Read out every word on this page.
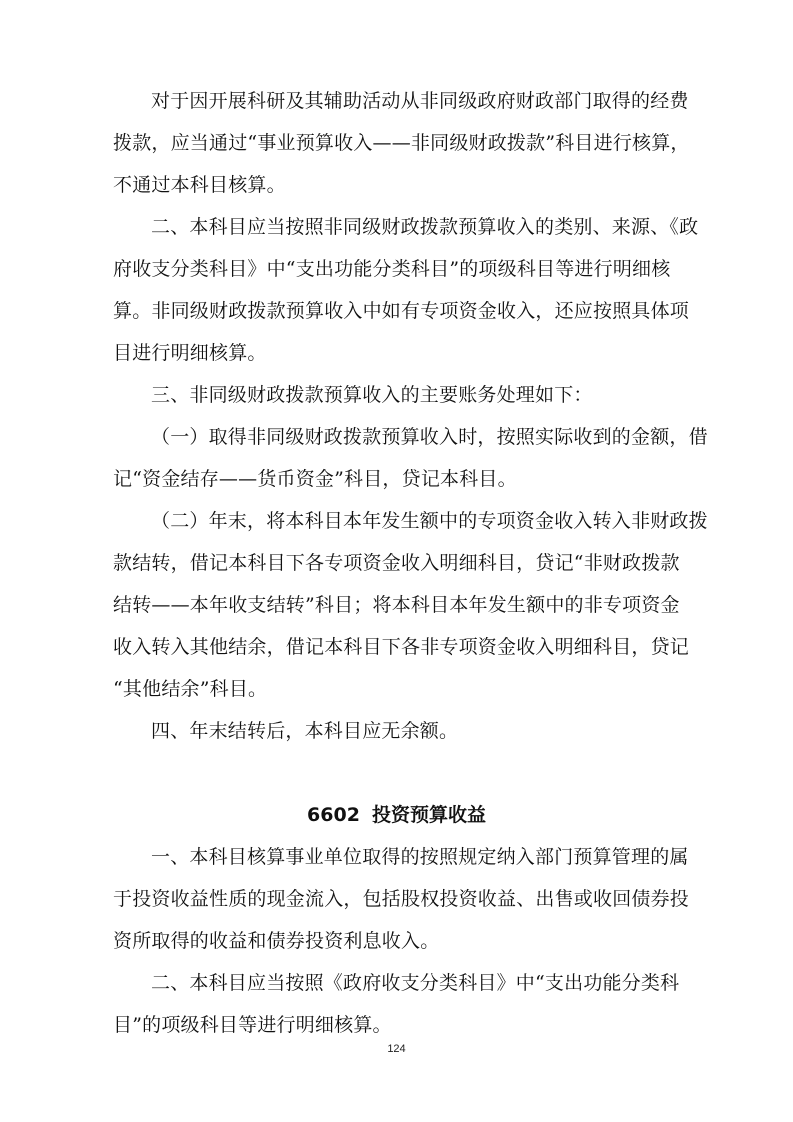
对于因开展科研及其辅助活动从非同级政府财政部门取得的经费
拨款，应当通过“事业预算收入——非同级财政拨款”科目进行核算，
不通过本科目核算。
二、本科目应当按照非同级财政拨款预算收入的类别、来源、《政
府收支分类科目》中“支出功能分类科目”的项级科目等进行明细核
算。非同级财政拨款预算收入中如有专项资金收入，还应按照具体项
目进行明细核算。
三、非同级财政拨款预算收入的主要账务处理如下：
（一）取得非同级财政拨款预算收入时，按照实际收到的金额，借
记“资金结存——货币资金”科目，贷记本科目。
（二）年末，将本科目本年发生额中的专项资金收入转入非财政拨
款结转，借记本科目下各专项资金收入明细科目，贷记“非财政拨款
结转——本年收支结转”科目；将本科目本年发生额中的非专项资金
收入转入其他结余，借记本科目下各非专项资金收入明细科目，贷记
“其他结余”科目。
四、年末结转后，本科目应无余额。
6602 投资预算收益
一、本科目核算事业单位取得的按照规定纳入部门预算管理的属
于投资收益性质的现金流入，包括股权投资收益、出售或收回债券投
资所取得的收益和债券投资利息收入。
二、本科目应当按照《政府收支分类科目》中“支出功能分类科
目”的项级科目等进行明细核算。
124
